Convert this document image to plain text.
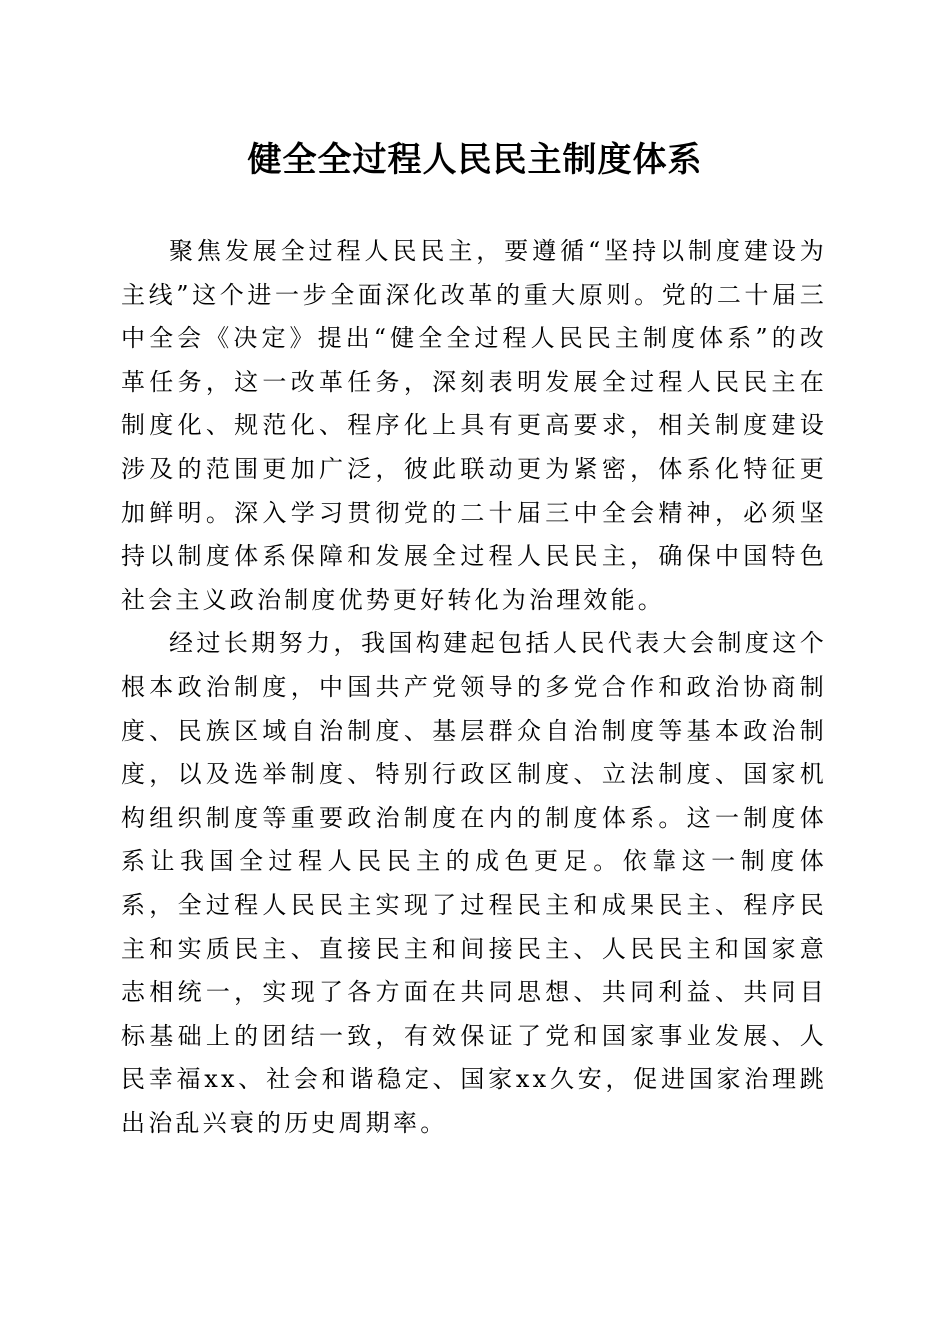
健全全过程人民民主制度体系

聚焦发展全过程人民民主，要遵循“坚持以制度建设为主线”这个进一步全面深化改革的重大原则。党的二十届三中全会《决定》提出“健全全过程人民民主制度体系”的改革任务，这一改革任务，深刻表明发展全过程人民民主在制度化、规范化、程序化上具有更高要求，相关制度建设涉及的范围更加广泛，彼此联动更为紧密，体系化特征更加鲜明。深入学习贯彻党的二十届三中全会精神，必须坚持以制度体系保障和发展全过程人民民主，确保中国特色社会主义政治制度优势更好转化为治理效能。

经过长期努力，我国构建起包括人民代表大会制度这个根本政治制度，中国共产党领导的多党合作和政治协商制度、民族区域自治制度、基层群众自治制度等基本政治制度，以及选举制度、特别行政区制度、立法制度、国家机构组织制度等重要政治制度在内的制度体系。这一制度体系让我国全过程人民民主的成色更足。依靠这一制度体系，全过程人民民主实现了过程民主和成果民主、程序民主和实质民主、直接民主和间接民主、人民民主和国家意志相统一，实现了各方面在共同思想、共同利益、共同目标基础上的团结一致，有效保证了党和国家事业发展、人民幸福xx、社会和谐稳定、国家xx久安，促进国家治理跳出治乱兴衰的历史周期率。
